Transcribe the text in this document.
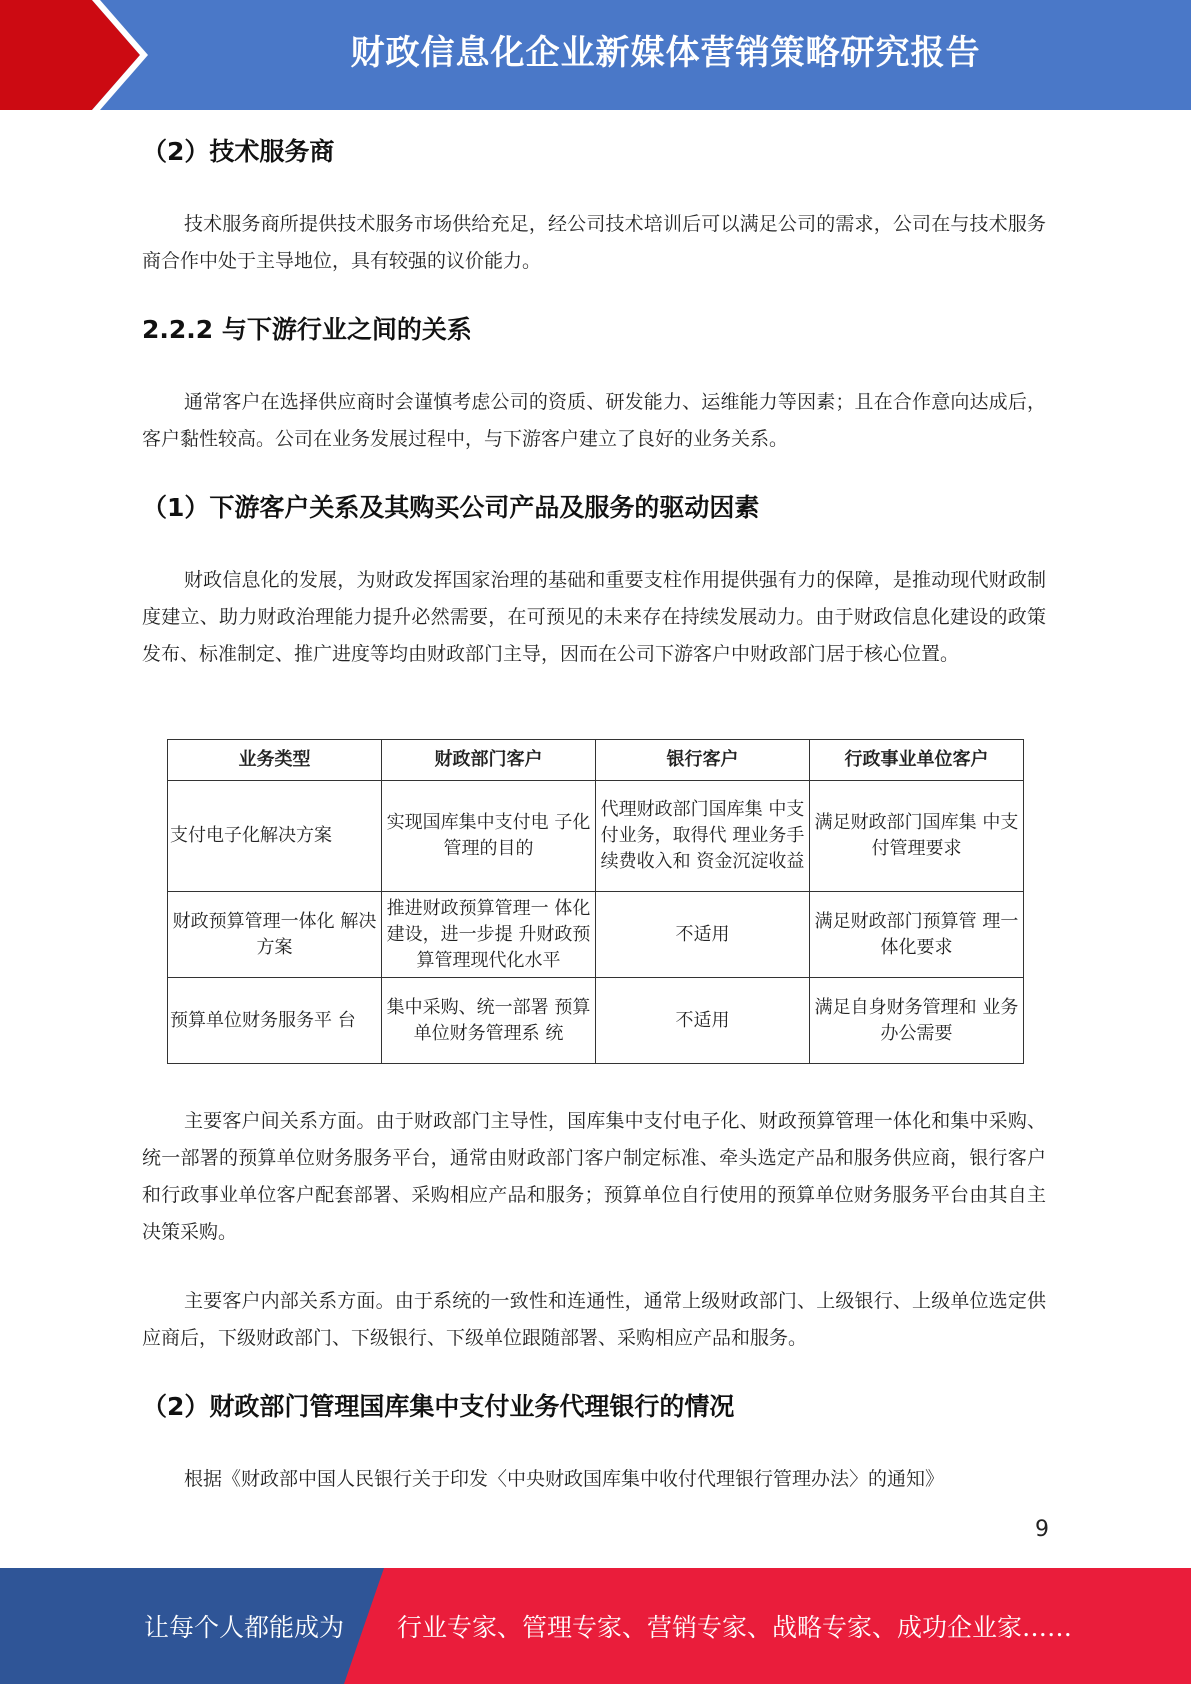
财政信息化企业新媒体营销策略研究报告
（2）技术服务商

技术服务商所提供技术服务市场供给充足，经公司技术培训后可以满足公司的需求，公司在与技术服务商合作中处于主导地位，具有较强的议价能力。

2.2.2 与下游行业之间的关系

通常客户在选择供应商时会谨慎考虑公司的资质、研发能力、运维能力等因素；且在合作意向达成后，客户黏性较高。公司在业务发展过程中，与下游客户建立了良好的业务关系。

（1）下游客户关系及其购买公司产品及服务的驱动因素

财政信息化的发展，为财政发挥国家治理的基础和重要支柱作用提供强有力的保障，是推动现代财政制度建立、助力财政治理能力提升必然需要，在可预见的未来存在持续发展动力。由于财政信息化建设的政策发布、标准制定、推广进度等均由财政部门主导，因而在公司下游客户中财政部门居于核心位置。

主要客户间关系方面。由于财政部门主导性，国库集中支付电子化、财政预算管理一体化和集中采购、统一部署的预算单位财务服务平台，通常由财政部门客户制定标准、牵头选定产品和服务供应商，银行客户和行政事业单位客户配套部署、采购相应产品和服务；预算单位自行使用的预算单位财务服务平台由其自主决策采购。

主要客户内部关系方面。由于系统的一致性和连通性，通常上级财政部门、上级银行、上级单位选定供应商后，下级财政部门、下级银行、下级单位跟随部署、采购相应产品和服务。

（2）财政部门管理国库集中支付业务代理银行的情况

根据《财政部中国人民银行关于印发〈中央财政国库集中收付代理银行管理办法〉的通知》

业务类型	财政部门客户	银行客户	行政事业单位客户
支付电子化解决方案	实现国库集中支付电 子化管理的目的	代理财政部门国库集 中支付业务，取得代 理业务手续费收入和 资金沉淀收益	满足财政部门国库集 中支付管理要求
财政预算管理一体化 解决方案	推进财政预算管理一 体化建设，进一步提 升财政预算管理现代化水平	不适用	满足财政部门预算管 理一体化要求
预算单位财务服务平 台	集中采购、统一部署 预算单位财务管理系 统	不适用	满足自身财务管理和 业务办公需要
9
让每个人都能成为 行业专家、管理专家、营销专家、战略专家、成功企业家……
